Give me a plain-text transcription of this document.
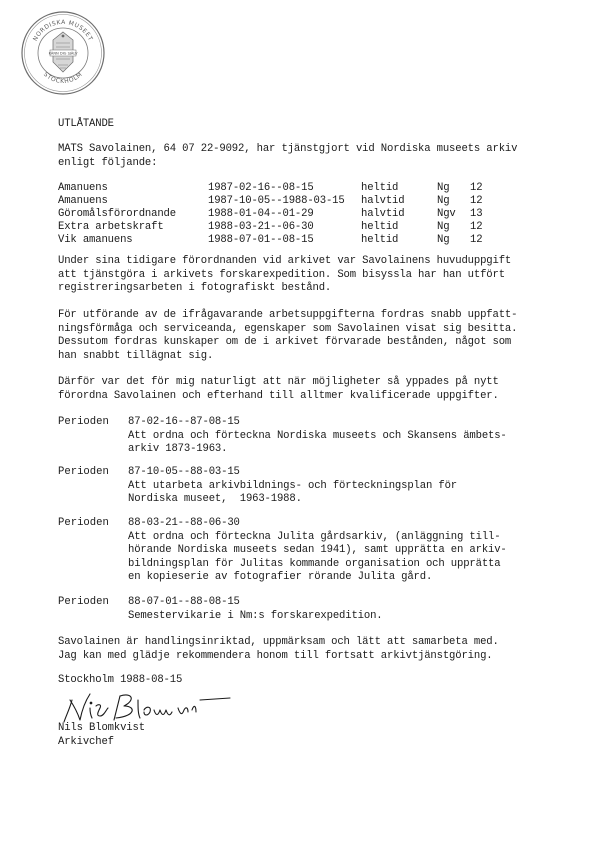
NORDISKA MUSEET
STOCKHOLM
KÄNN DIG SJÄLV
UTLÅTANDE
MATS Savolainen, 64 07 22-9092, har tjänstgjort vid Nordiska museets arkiv
enligt följande:
Amanuens	1987-02-16--08-15	heltid	Ng 12
Amanuens	1987-10-05--1988-03-15 halvtid	Ng 12
Göromålsförordnande	1988-01-04--01-29	halvtid	Ngv 13
Extra arbetskraft	1988-03-21--06-30	heltid	Ng 12
Vik amanuens	1988-07-01--08-15	heltid	Ng 12
Under sina tidigare förordnanden vid arkivet var Savolainens huvuduppgift
att tjänstgöra i arkivets forskarexpedition. Som bisyssla har han utfört
registreringsarbeten i fotografiskt bestånd.
För utförande av de ifrågavarande arbetsuppgifterna fordras snabb uppfatt-
ningsförmåga och serviceanda, egenskaper som Savolainen visat sig besitta.
Dessutom fordras kunskaper om de i arkivet förvarade bestånden, något som
han snabbt tillägnat sig.
Därför var det för mig naturligt att när möjligheter så yppades på nytt
förordna Savolainen och efterhand till alltmer kvalificerade uppgifter.
Perioden 87-02-16--87-08-15
Att ordna och förteckna Nordiska museets och Skansens ämbets-
arkiv 1873-1963.
Perioden 87-10-05--88-03-15
Att utarbeta arkivbildnings- och förteckningsplan för
Nordiska museet,  1963-1988.
Perioden 88-03-21--88-06-30
Att ordna och förteckna Julita gårdsarkiv, (anläggning till-
hörande Nordiska museets sedan 1941), samt upprätta en arkiv-
bildningsplan för Julitas kommande organisation och upprätta
en kopieserie av fotografier rörande Julita gård.
Perioden 88-07-01--88-08-15
Semestervikarie i Nm:s forskarexpedition.
Savolainen är handlingsinriktad, uppmärksam och lätt att samarbeta med.
Jag kan med glädje rekommendera honom till fortsatt arkivtjänstgöring.
Stockholm 1988-08-15
Nils Blomkvist
Arkivchef
